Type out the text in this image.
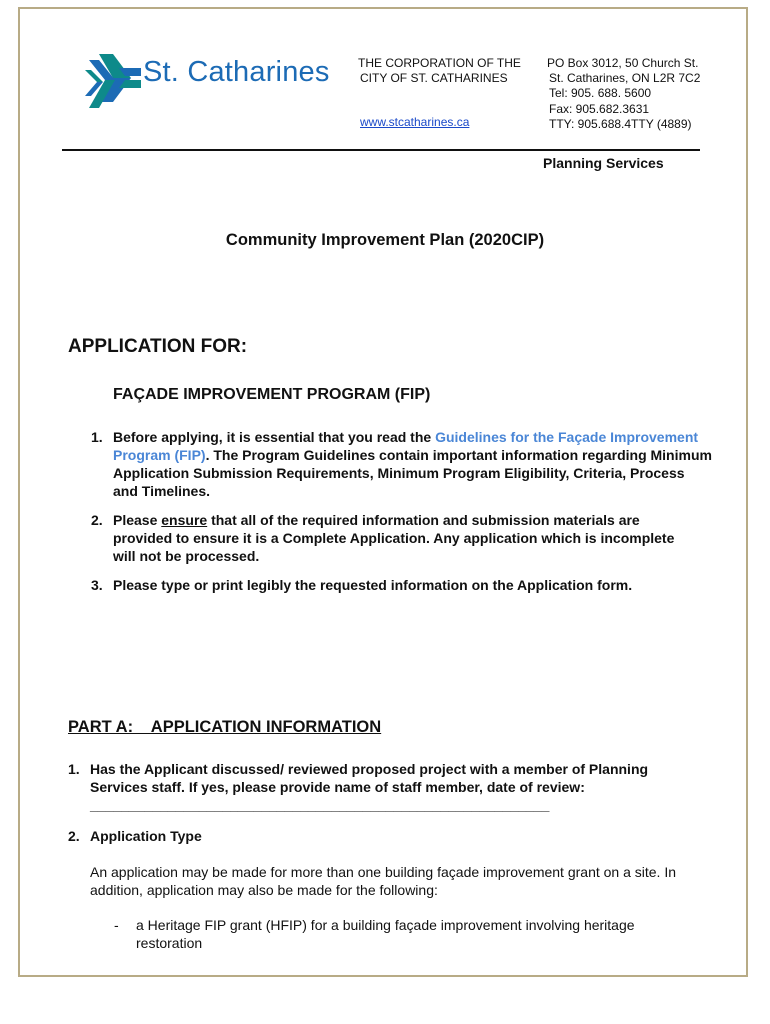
St. Catharines THE CORPORATION OF THE
CITY OF ST. CATHARINES
PO Box 3012, 50 Church St.
St. Catharines, ON L2R 7C2
Tel: 905. 688. 5600
Fax: 905.682.3631
TTY: 905.688.4TTY (4889)
www.stcatharines.ca
Planning Services
Community Improvement Plan (2020CIP)
APPLICATION FOR:
FAÇADE IMPROVEMENT PROGRAM (FIP)
1. Before applying, it is essential that you read the Guidelines for the Façade Improvement Program (FIP). The Program Guidelines contain important information regarding Minimum Application Submission Requirements, Minimum Program Eligibility, Criteria, Process and Timelines.
2. Please ensure that all of the required information and submission materials are provided to ensure it is a Complete Application. Any application which is incomplete will not be processed.
3. Please type or print legibly the requested information on the Application form.
PART A:    APPLICATION INFORMATION
1. Has the Applicant discussed/ reviewed proposed project with a member of Planning Services staff. If yes, please provide name of staff member, date of review: ___________________________________________________________
2. Application Type
An application may be made for more than one building façade improvement grant on a site. In addition, application may also be made for the following:
- a Heritage FIP grant (HFIP) for a building façade improvement involving heritage restoration
